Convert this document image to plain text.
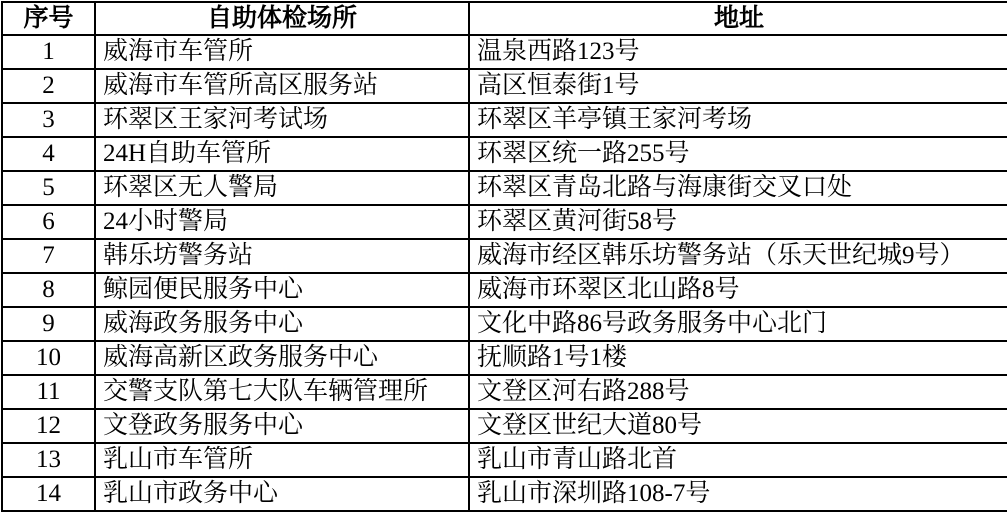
序号	自助体检场所	地址
1	威海市车管所	温泉西路123号
2	威海市车管所高区服务站	高区恒泰街1号
3	环翠区王家河考试场	环翠区羊亭镇王家河考场
4	24H自助车管所	环翠区统一路255号
5	环翠区无人警局	环翠区青岛北路与海康街交叉口处
6	24小时警局	环翠区黄河街58号
7	韩乐坊警务站	威海市经区韩乐坊警务站（乐天世纪城9号）
8	鲸园便民服务中心	威海市环翠区北山路8号
9	威海政务服务中心	文化中路86号政务服务中心北门
10	威海高新区政务服务中心	抚顺路1号1楼
11	交警支队第七大队车辆管理所	文登区河右路288号
12	文登政务服务中心	文登区世纪大道80号
13	乳山市车管所	乳山市青山路北首
14	乳山市政务中心	乳山市深圳路108-7号
